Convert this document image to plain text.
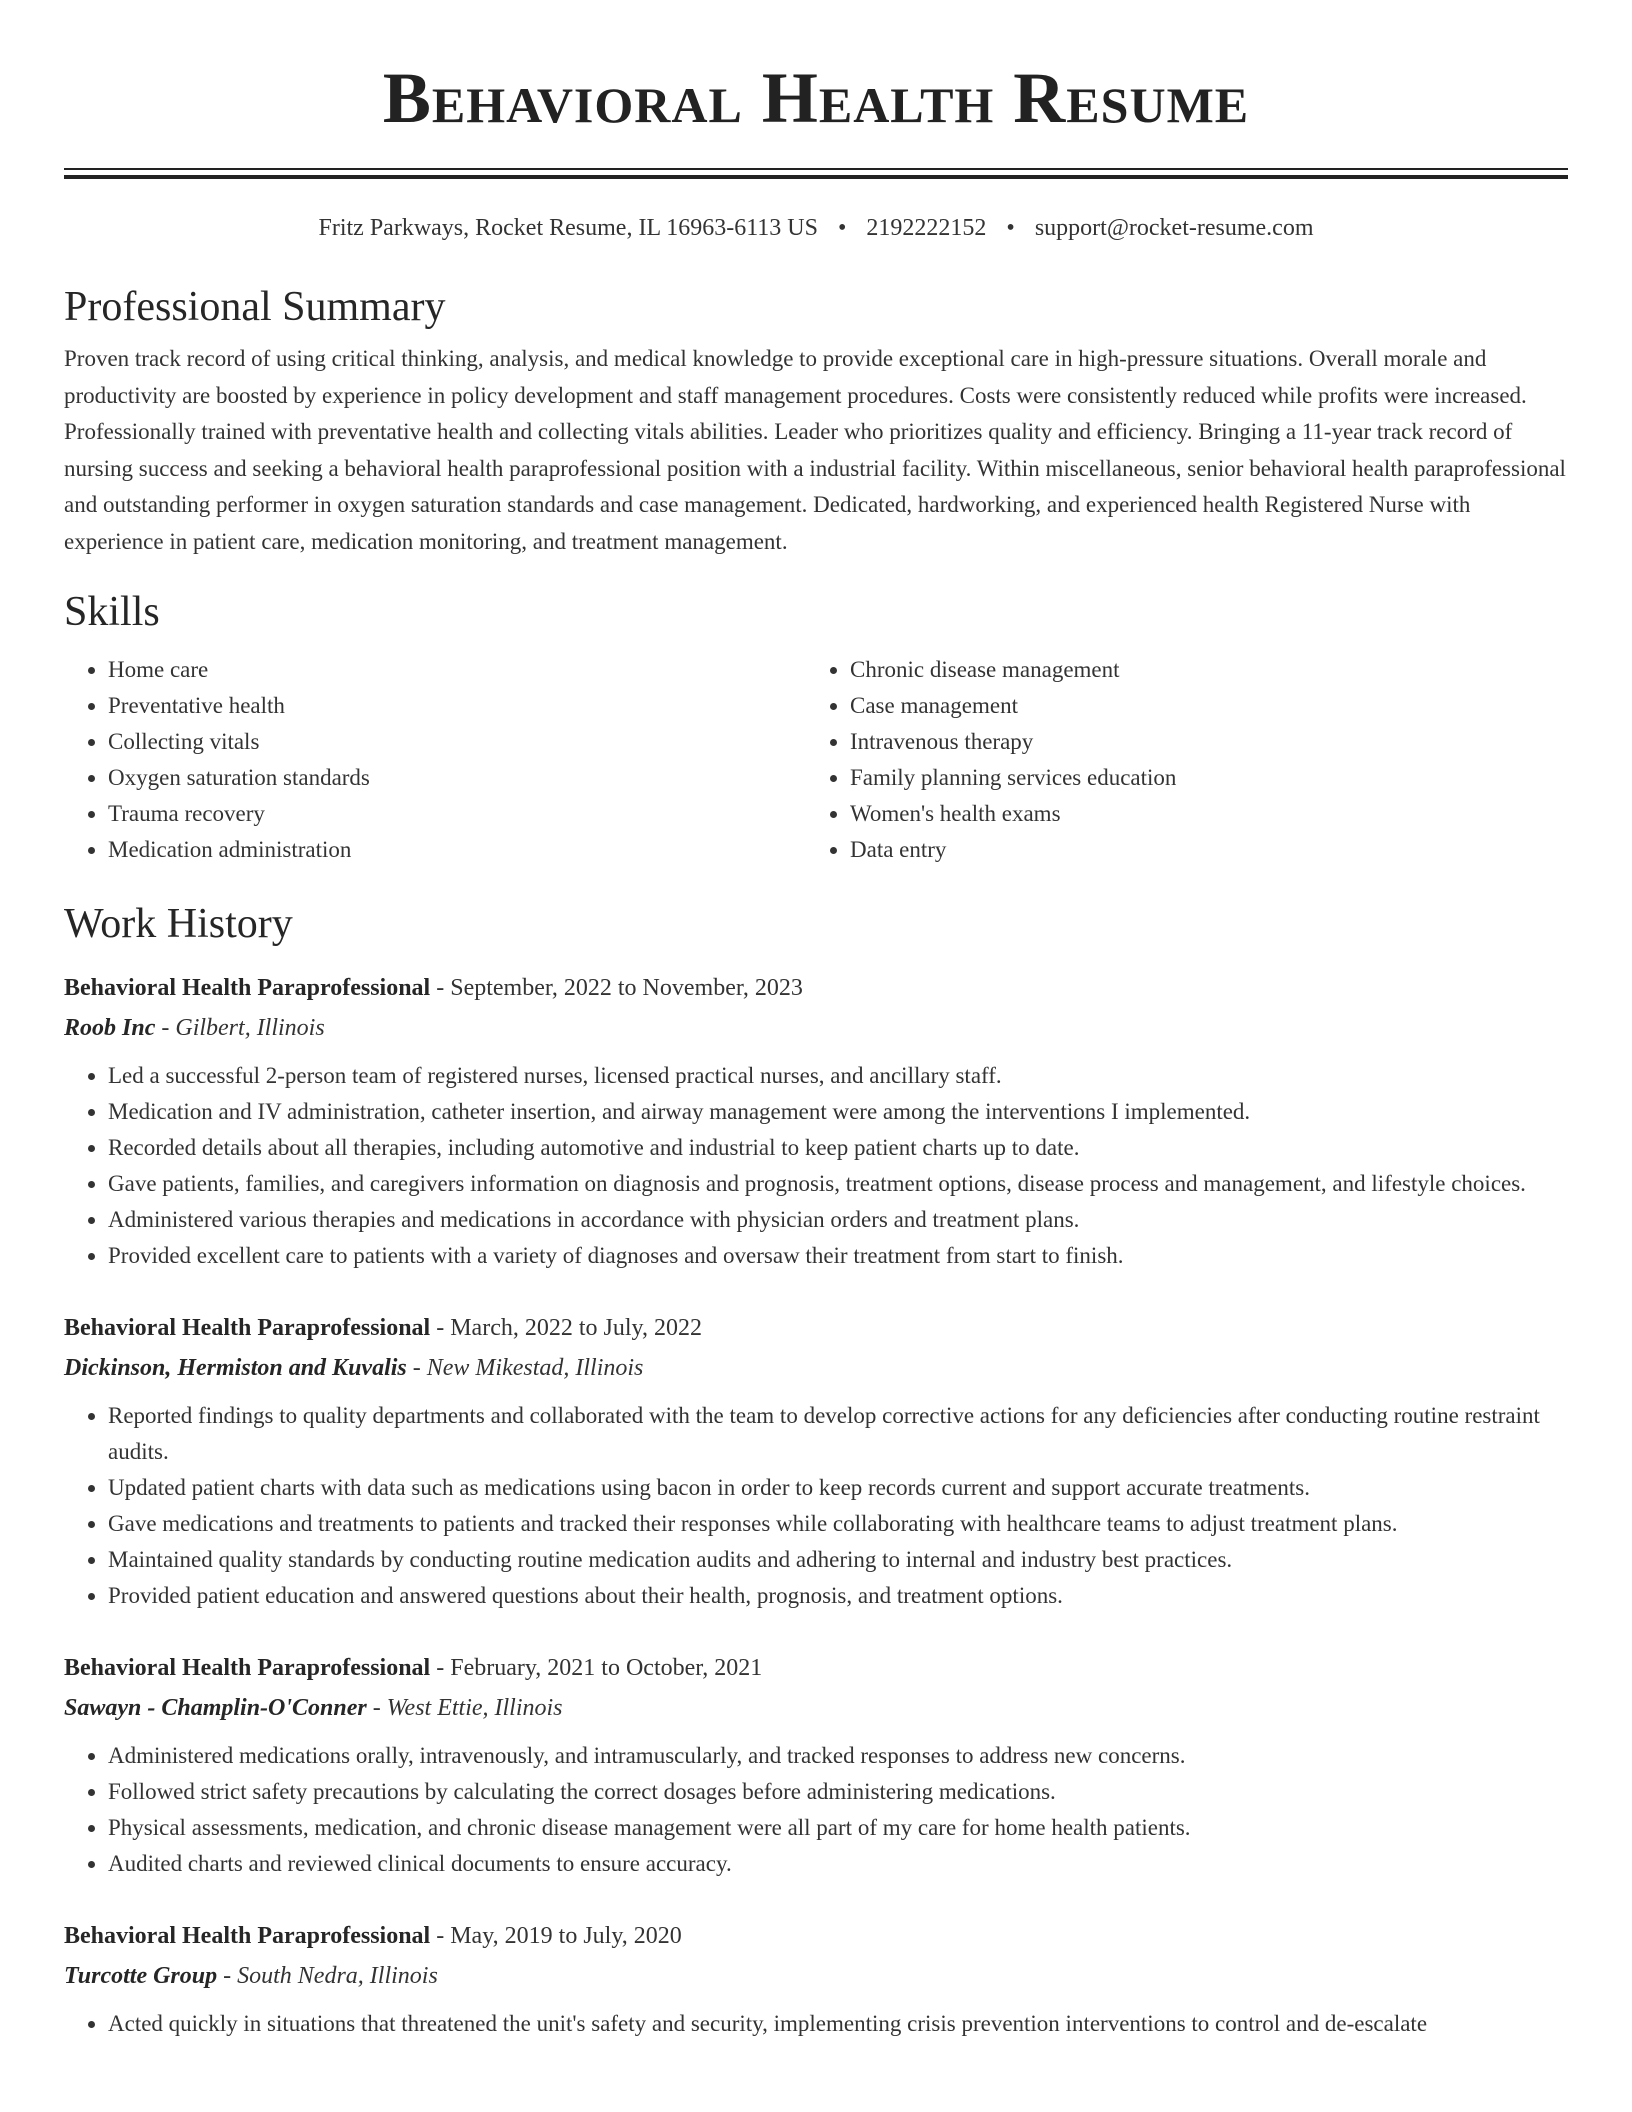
Behavioral Health Resume
Fritz Parkways, Rocket Resume, IL 16963-6113 US • 2192222152 • support@rocket-resume.com
Professional Summary
Proven track record of using critical thinking, analysis, and medical knowledge to provide exceptional care in high-pressure situations. Overall morale and productivity are boosted by experience in policy development and staff management procedures. Costs were consistently reduced while profits were increased. Professionally trained with preventative health and collecting vitals abilities. Leader who prioritizes quality and efficiency. Bringing a 11-year track record of nursing success and seeking a behavioral health paraprofessional position with a industrial facility. Within miscellaneous, senior behavioral health paraprofessional and outstanding performer in oxygen saturation standards and case management. Dedicated, hardworking, and experienced health Registered Nurse with experience in patient care, medication monitoring, and treatment management.
Skills
• Home care
• Preventative health
• Collecting vitals
• Oxygen saturation standards
• Trauma recovery
• Medication administration
• Chronic disease management
• Case management
• Intravenous therapy
• Family planning services education
• Women's health exams
• Data entry
Work History
Behavioral Health Paraprofessional - September, 2022 to November, 2023
Roob Inc - Gilbert, Illinois
• Led a successful 2-person team of registered nurses, licensed practical nurses, and ancillary staff.
• Medication and IV administration, catheter insertion, and airway management were among the interventions I implemented.
• Recorded details about all therapies, including automotive and industrial to keep patient charts up to date.
• Gave patients, families, and caregivers information on diagnosis and prognosis, treatment options, disease process and management, and lifestyle choices.
• Administered various therapies and medications in accordance with physician orders and treatment plans.
• Provided excellent care to patients with a variety of diagnoses and oversaw their treatment from start to finish.
Behavioral Health Paraprofessional - March, 2022 to July, 2022
Dickinson, Hermiston and Kuvalis - New Mikestad, Illinois
• Reported findings to quality departments and collaborated with the team to develop corrective actions for any deficiencies after conducting routine restraint audits.
• Updated patient charts with data such as medications using bacon in order to keep records current and support accurate treatments.
• Gave medications and treatments to patients and tracked their responses while collaborating with healthcare teams to adjust treatment plans.
• Maintained quality standards by conducting routine medication audits and adhering to internal and industry best practices.
• Provided patient education and answered questions about their health, prognosis, and treatment options.
Behavioral Health Paraprofessional - February, 2021 to October, 2021
Sawayn - Champlin-O'Conner - West Ettie, Illinois
• Administered medications orally, intravenously, and intramuscularly, and tracked responses to address new concerns.
• Followed strict safety precautions by calculating the correct dosages before administering medications.
• Physical assessments, medication, and chronic disease management were all part of my care for home health patients.
• Audited charts and reviewed clinical documents to ensure accuracy.
Behavioral Health Paraprofessional - May, 2019 to July, 2020
Turcotte Group - South Nedra, Illinois
• Acted quickly in situations that threatened the unit's safety and security, implementing crisis prevention interventions to control and de-escalate
